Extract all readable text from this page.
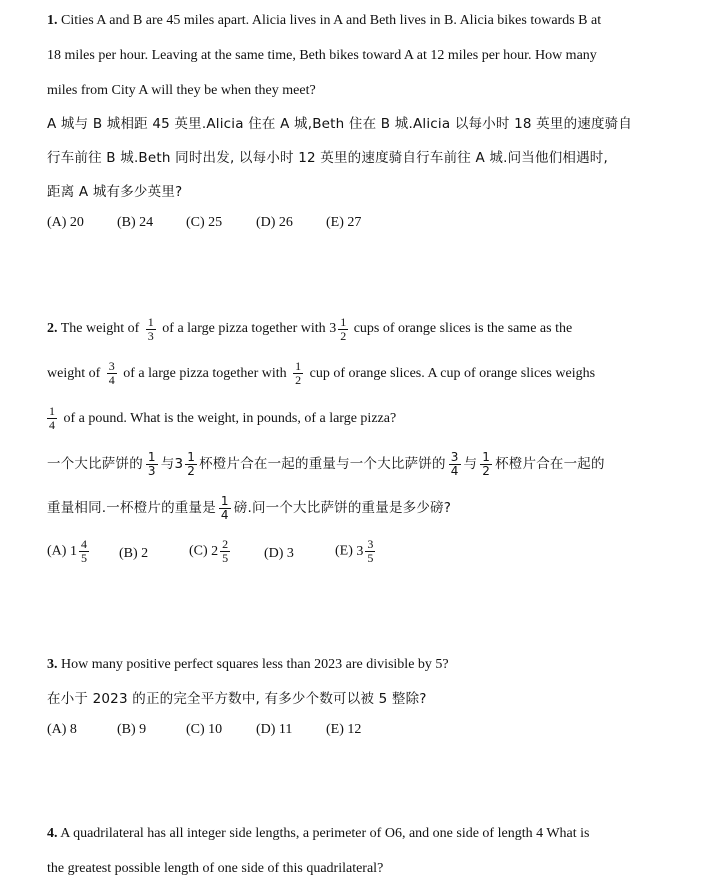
1. Cities A and B are 45 miles apart. Alicia lives in A and Beth lives in B. Alicia bikes towards B at
18 miles per hour. Leaving at the same time, Beth bikes toward A at 12 miles per hour. How many
miles from City A will they be when they meet?
A 城与 B 城相距 45 英里.Alicia 住在 A 城,Beth 住在 B 城.Alicia 以每小时 18 英里的速度骑自
行车前往 B 城.Beth 同时出发, 以每小时 12 英里的速度骑自行车前往 A 城.问当他们相遇时,
距离 A 城有多少英里?
(A) 20 (B) 24 (C) 25 (D) 26 (E) 27
2. The weight of $\frac{1}{3}$ of a large pizza together with $3 \frac{1}{2}$ cups of orange slices is the same as the
weight of $\frac{3}{4}$ of a large pizza together with $\frac{1}{2}$ cup of orange slices. A cup of orange slices weighs
$\frac{1}{4}$ of a pound. What is the weight, in pounds, of a large pizza?
一个大比萨饼的 $\frac{1}{3}$ 与 $3 \frac{1}{2}$ 杯橙片合在一起的重量与一个大比萨饼的 $\frac{3}{4}$ 与 $\frac{1}{2}$ 杯橙片合在一起的
重量相同.一杯橙片的重量是 $\frac{1}{4}$ 磅.问一个大比萨饼的重量是多少磅?
(A) $1 \frac{4}{5} (B)$ 2	(C) $2 \frac{2}{5} (D)$ 3	(E) $3 \frac{3}{5}$
3. How many positive perfect squares less than 2023 are divisible by 5?
在小于 2023 的正的完全平方数中, 有多少个数可以被 5 整除?
(A) 8	(B) 9	(C) 10 (D) 11 (E) 12
4. A quadrilateral has all integer side lengths, a perimeter of O6, and one side of length 4 What is
the greatest possible length of one side of this quadrilateral?
